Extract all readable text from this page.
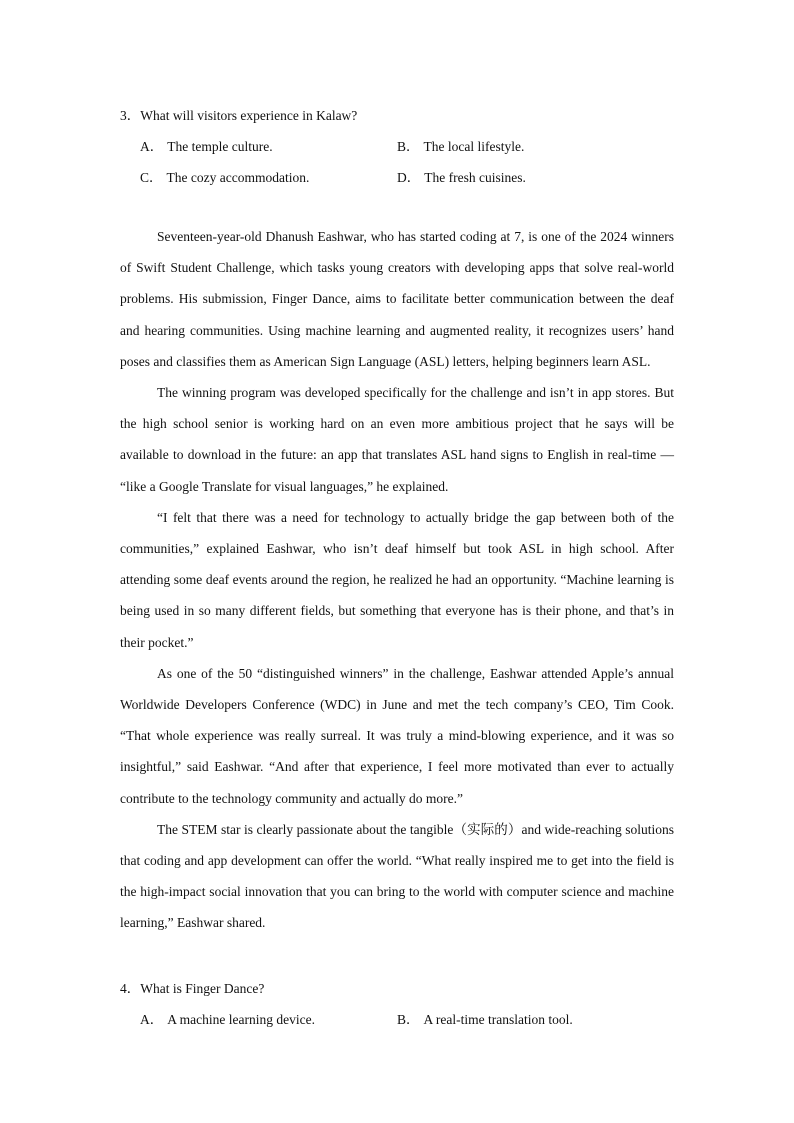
3．What will visitors experience in Kalaw?
A． The temple culture.	B． The local lifestyle.
C． The cozy accommodation.	D． The fresh cuisines.

Seventeen-year-old Dhanush Eashwar, who has started coding at 7, is one of the 2024 winners of Swift Student Challenge, which tasks young creators with developing apps that solve real-world problems. His submission, Finger Dance, aims to facilitate better communication between the deaf and hearing communities. Using machine learning and augmented reality, it recognizes users’ hand poses and classifies them as American Sign Language (ASL) letters, helping beginners learn ASL.

The winning program was developed specifically for the challenge and isn’t in app stores. But the high school senior is working hard on an even more ambitious project that he says will be available to download in the future: an app that translates ASL hand signs to English in real-time — “like a Google Translate for visual languages,” he explained.

“I felt that there was a need for technology to actually bridge the gap between both of the communities,” explained Eashwar, who isn’t deaf himself but took ASL in high school. After attending some deaf events around the region, he realized he had an opportunity. “Machine learning is being used in so many different fields, but something that everyone has is their phone, and that’s in their pocket.”

As one of the 50 “distinguished winners” in the challenge, Eashwar attended Apple’s annual Worldwide Developers Conference (WDC) in June and met the tech company’s CEO, Tim Cook. “That whole experience was really surreal. It was truly a mind-blowing experience, and it was so insightful,” said Eashwar. “And after that experience, I feel more motivated than ever to actually contribute to the technology community and actually do more.”

The STEM star is clearly passionate about the tangible（实际的）and wide-reaching solutions that coding and app development can offer the world. “What really inspired me to get into the field is the high-impact social innovation that you can bring to the world with computer science and machine learning,” Eashwar shared.

4．What is Finger Dance?
A． A machine learning device.	B． A real-time translation tool.
